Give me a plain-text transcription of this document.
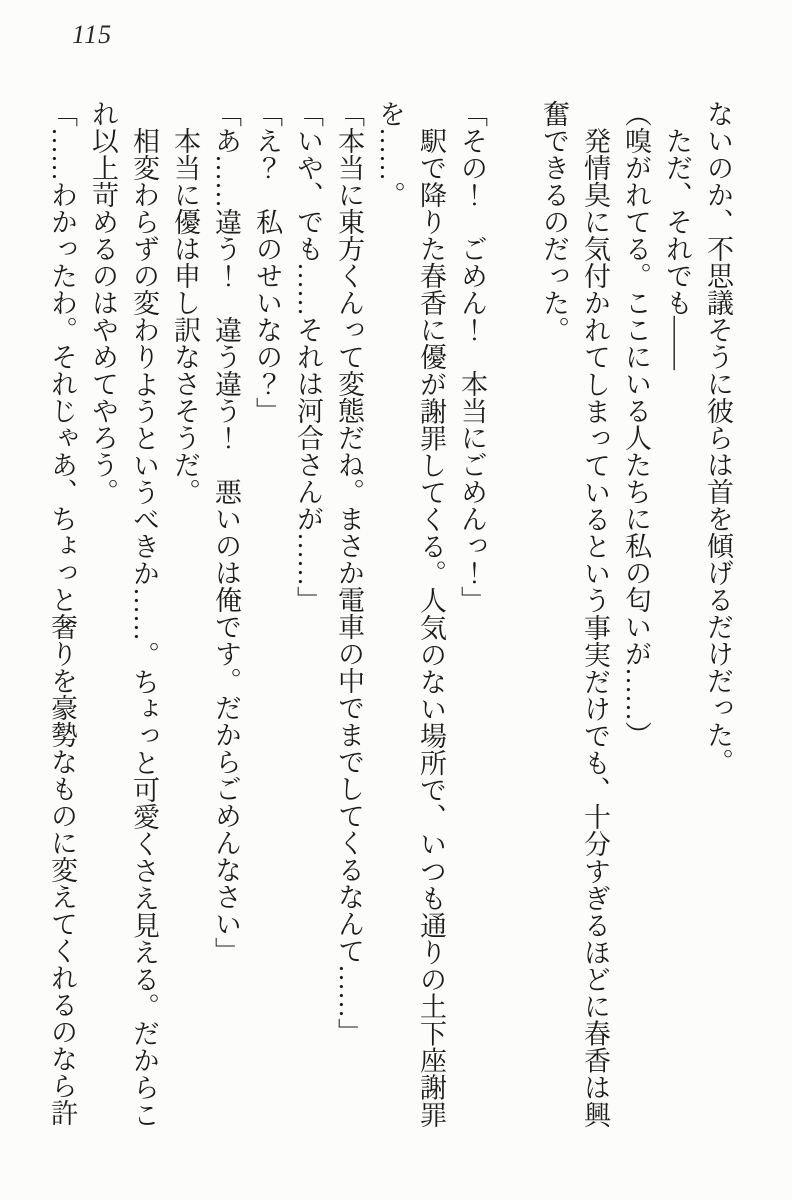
115

ないのか、不思議そうに彼らは首を傾げるだけだった。

ただ、それでも――

（嗅がれてる。ここにいる人たちに私の匂いが……）

発情臭に気付かれてしまっているという事実だけでも、十分すぎるほどに春香は興奮できるのだった。

「その！　ごめん！　本当にごめんっ！」

駅で降りた春香に優が謝罪してくる。人気のない場所で、いつも通りの土下座謝罪を……。

「本当に東方くんって変態だね。まさか電車の中でまでしてくるなんて……」

「いや、でも……それは河合さんが……」

「え？　私のせいなの？」

「あ……違う！　違う違う！　悪いのは俺です。だからごめんなさい」

本当に優は申し訳なさそうだ。

相変わらずの変わりようというべきか……。ちょっと可愛くさえ見える。だからこれ以上苛めるのはやめてやろう。

「……わかったわ。それじゃあ、ちょっと奢りを豪勢なものに変えてくれるのなら許
